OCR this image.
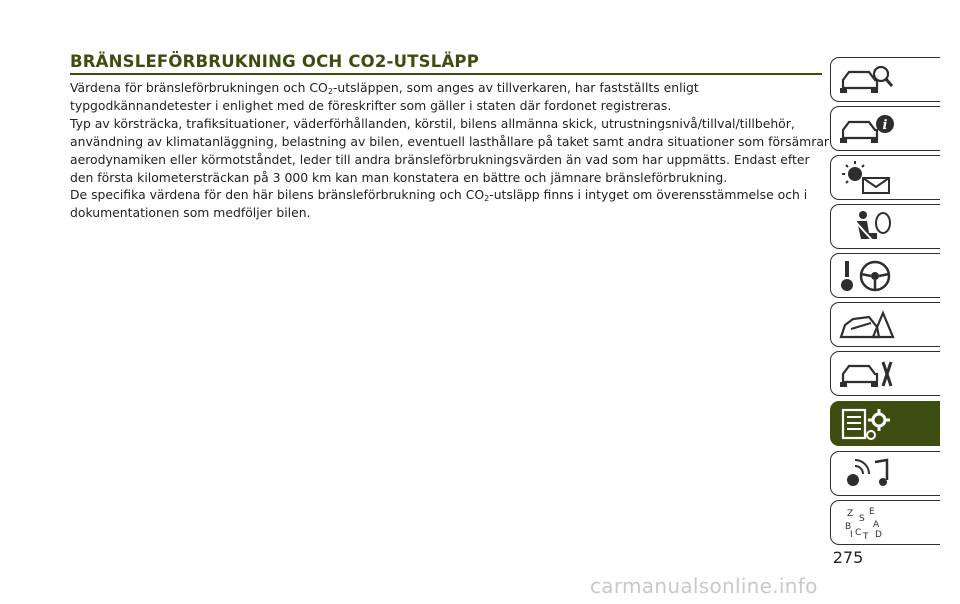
BRÄNSLEFÖRBRUKNING OCH CO2-UTSLÄPP

Värdena för bränsleförbrukningen och $CO_2$-utsläppen, som anges av tillverkaren, har fastställts enligt typgodkännandetester i enlighet med de föreskrifter som gäller i staten där fordonet registreras.

Typ av körsträcka, trafiksituationer, väderförhållanden, körstil, bilens allmänna skick, utrustningsnivå/tillval/tillbehör, användning av klimatanläggning, belastning av bilen, eventuell lasthållare på taket samt andra situationer som försämrar aerodynamiken eller körmotståndet, leder till andra bränsleförbrukningsvärden än vad som har uppmätts. Endast efter den första kilometersträckan på 3 000 km kan man konstatera en bättre och jämnare bränsleförbrukning.

De specifika värdena för den här bilens bränsleförbrukning och $CO_2$-utsläpp finns i intyget om överensstämmelse och i dokumentationen som medföljer bilen.

i
Z E
S
B A
C T D
I
275
carmanualsonline.info
